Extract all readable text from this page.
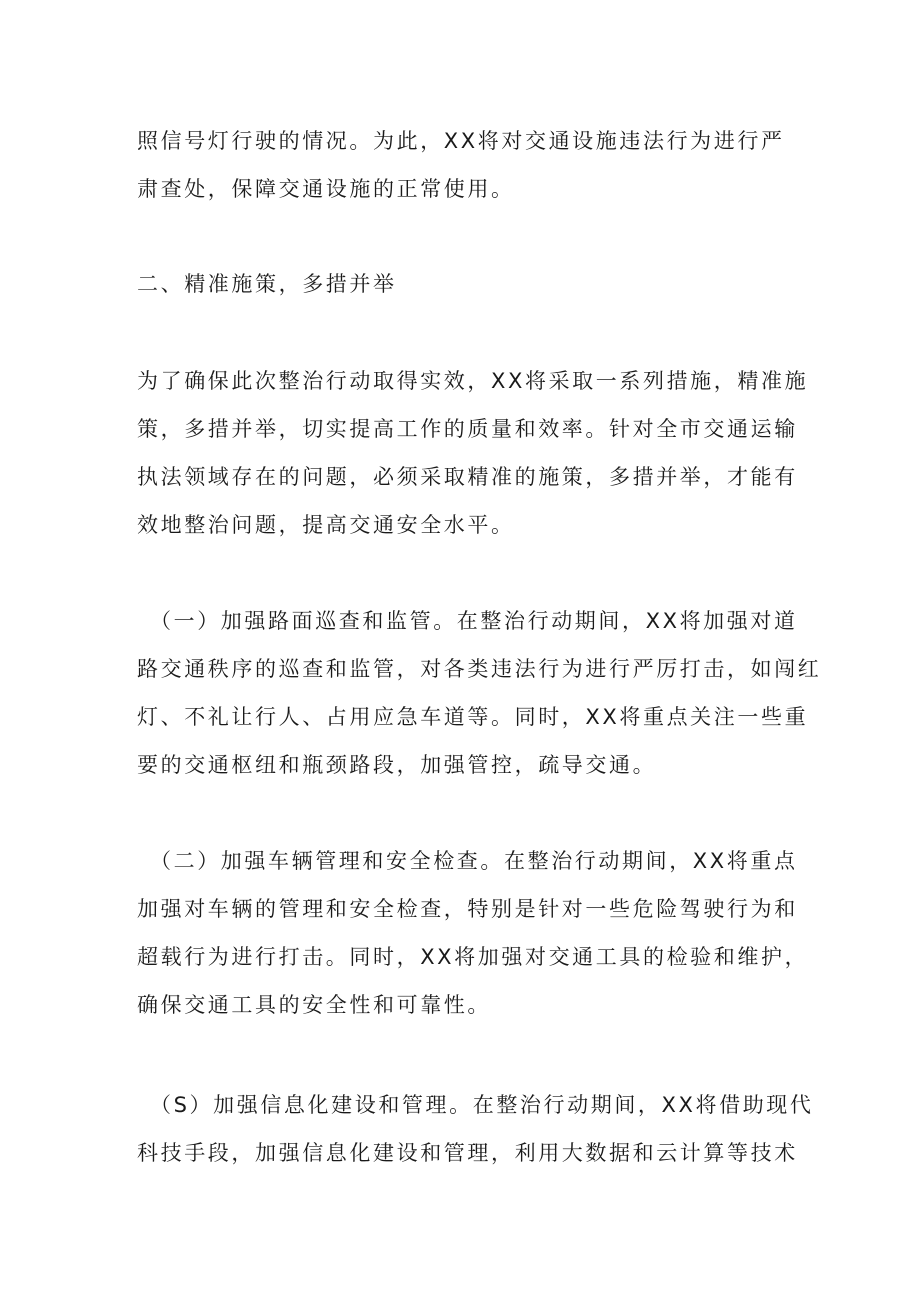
照信号灯行驶的情况。为此，XX将对交通设施违法行为进行严
肃查处，保障交通设施的正常使用。
二、精准施策，多措并举
为了确保此次整治行动取得实效，XX将采取一系列措施，精准施
策，多措并举，切实提高工作的质量和效率。针对全市交通运输
执法领域存在的问题，必须采取精准的施策，多措并举，才能有
效地整治问题，提高交通安全水平。
（一）加强路面巡查和监管。在整治行动期间，XX将加强对道
路交通秩序的巡查和监管，对各类违法行为进行严厉打击，如闯红
灯、不礼让行人、占用应急车道等。同时，XX将重点关注一些重
要的交通枢纽和瓶颈路段，加强管控，疏导交通。
（二）加强车辆管理和安全检查。在整治行动期间，XX将重点
加强对车辆的管理和安全检查，特别是针对一些危险驾驶行为和
超载行为进行打击。同时，XX将加强对交通工具的检验和维护，
确保交通工具的安全性和可靠性。
（S）加强信息化建设和管理。在整治行动期间，XX将借助现代
科技手段，加强信息化建设和管理，利用大数据和云计算等技术
